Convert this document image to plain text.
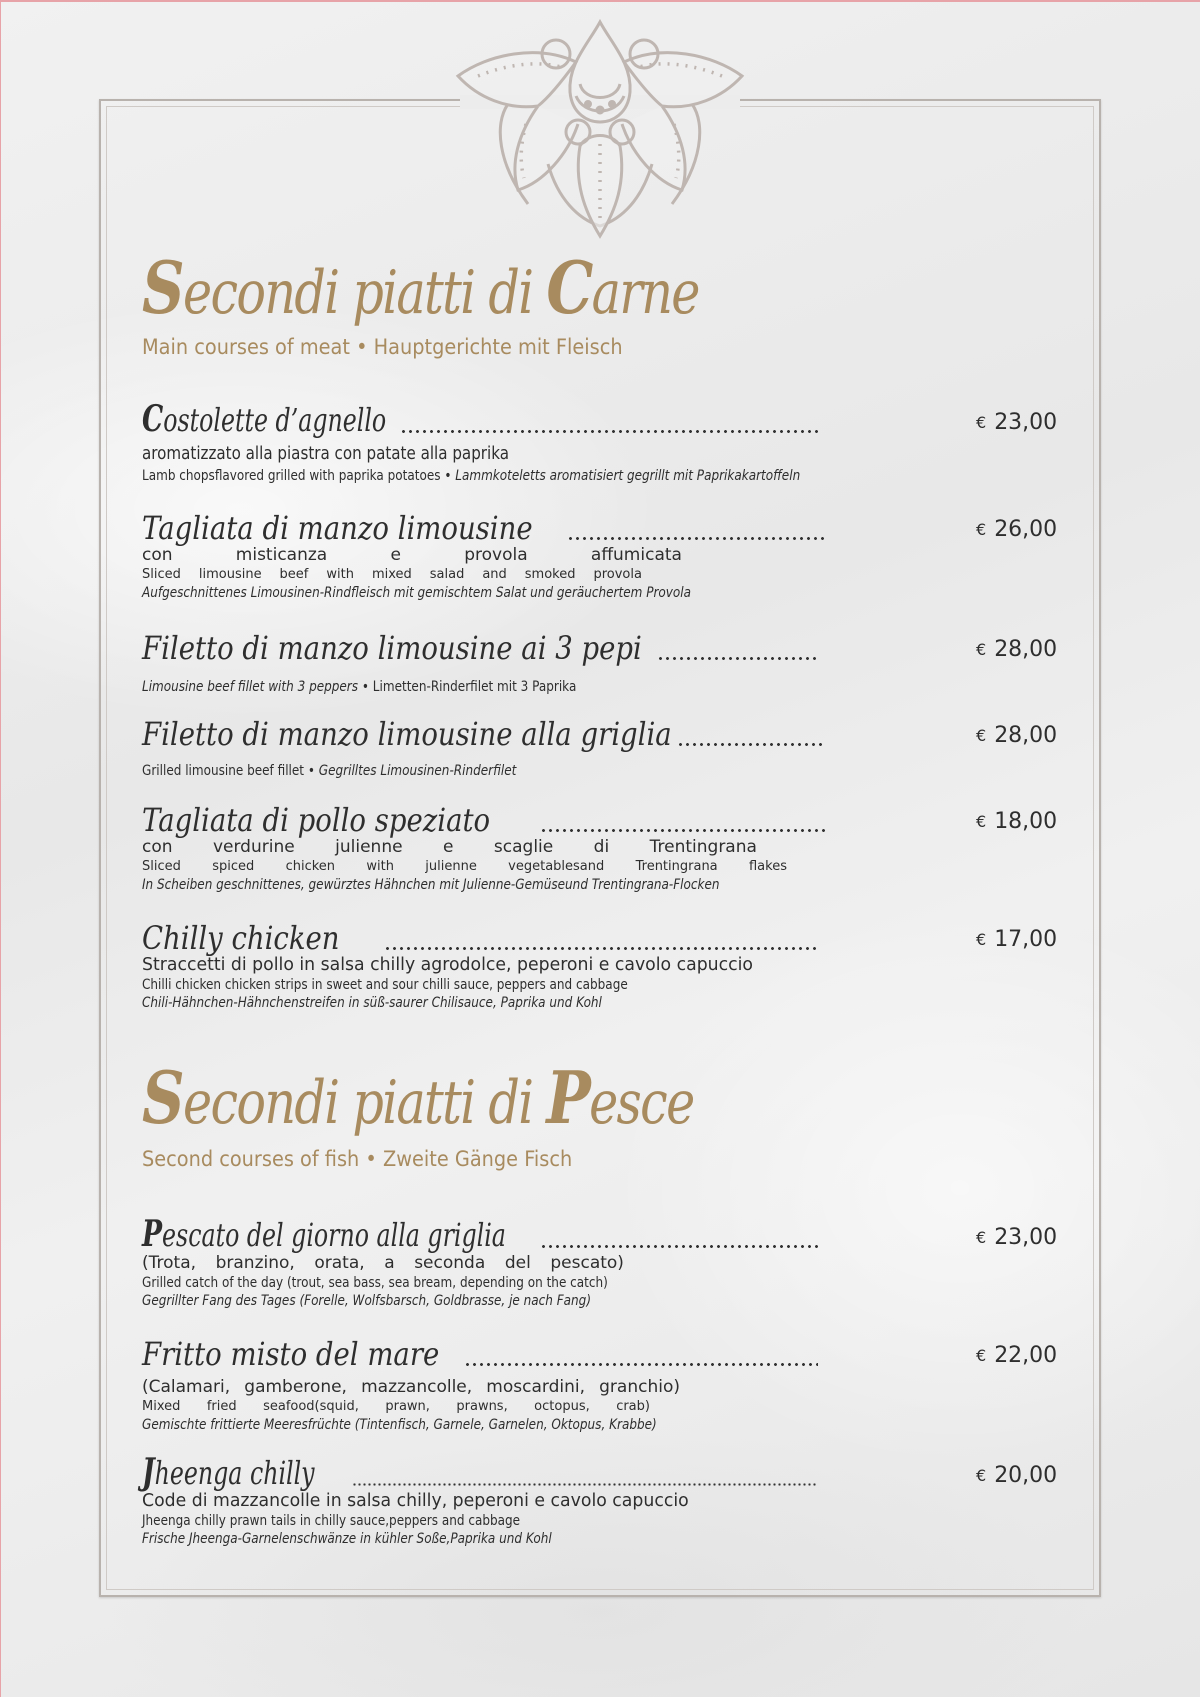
Secondi piatti di Carne
Main courses of meat • Hauptgerichte mit Fleisch
Costolette d’agnello	€ 23,00
aromatizzato alla piastra con patate alla paprika
Lamb chopsflavored grilled with paprika potatoes • Lammkoteletts aromatisiert gegrillt mit Paprikakartoffeln
Tagliata di manzo limousine	€ 26,00
con	misticanza	e	provola	affumicata
Sliced limousine beef with mixed salad and smoked provola
Aufgeschnittenes Limousinen-Rindfleisch mit gemischtem Salat und geräuchertem Provola
Filetto di manzo limousine ai 3 pepi	€ 28,00
Limousine beef fillet with 3 peppers • Limetten-Rinderfilet mit 3 Paprika
Filetto di manzo limousine alla griglia	€ 28,00
Grilled limousine beef fillet • Gegrilltes Limousinen-Rinderfilet
Tagliata di pollo speziato	€ 18,00
con verdurine julienne e scaglie di Trentingrana
Sliced spiced chicken with julienne vegetablesand Trentingrana flakes
In Scheiben geschnittenes, gewürztes Hähnchen mit Julienne-Gemüseund Trentingrana-Flocken
Chilly chicken	€ 17,00
Straccetti di pollo in salsa chilly agrodolce, peperoni e cavolo capuccio
Chilli chicken chicken strips in sweet and sour chilli sauce, peppers and cabbage
Chili-Hähnchen-Hähnchenstreifen in süß-saurer Chilisauce, Paprika und Kohl
Secondi piatti di Pesce
Second courses of fish • Zweite Gänge Fisch
Pescato del giorno alla griglia	€ 23,00
(Trota, branzino, orata, a seconda del pescato)
Grilled catch of the day (trout, sea bass, sea bream, depending on the catch)
Gegrillter Fang des Tages (Forelle, Wolfsbarsch, Goldbrasse, je nach Fang)
Fritto misto del mare	€ 22,00
(Calamari, gamberone, mazzancolle, moscardini, granchio)
Mixed fried seafood(squid, prawn, prawns, octopus, crab)
Gemischte frittierte Meeresfrüchte (Tintenfisch, Garnele, Garnelen, Oktopus, Krabbe)
Jheenga chilly	€ 20,00
Code di mazzancolle in salsa chilly, peperoni e cavolo capuccio
Jheenga chilly prawn tails in chilly sauce,peppers and cabbage
Frische Jheenga-Garnelenschwänze in kühler Soße,Paprika und Kohl
